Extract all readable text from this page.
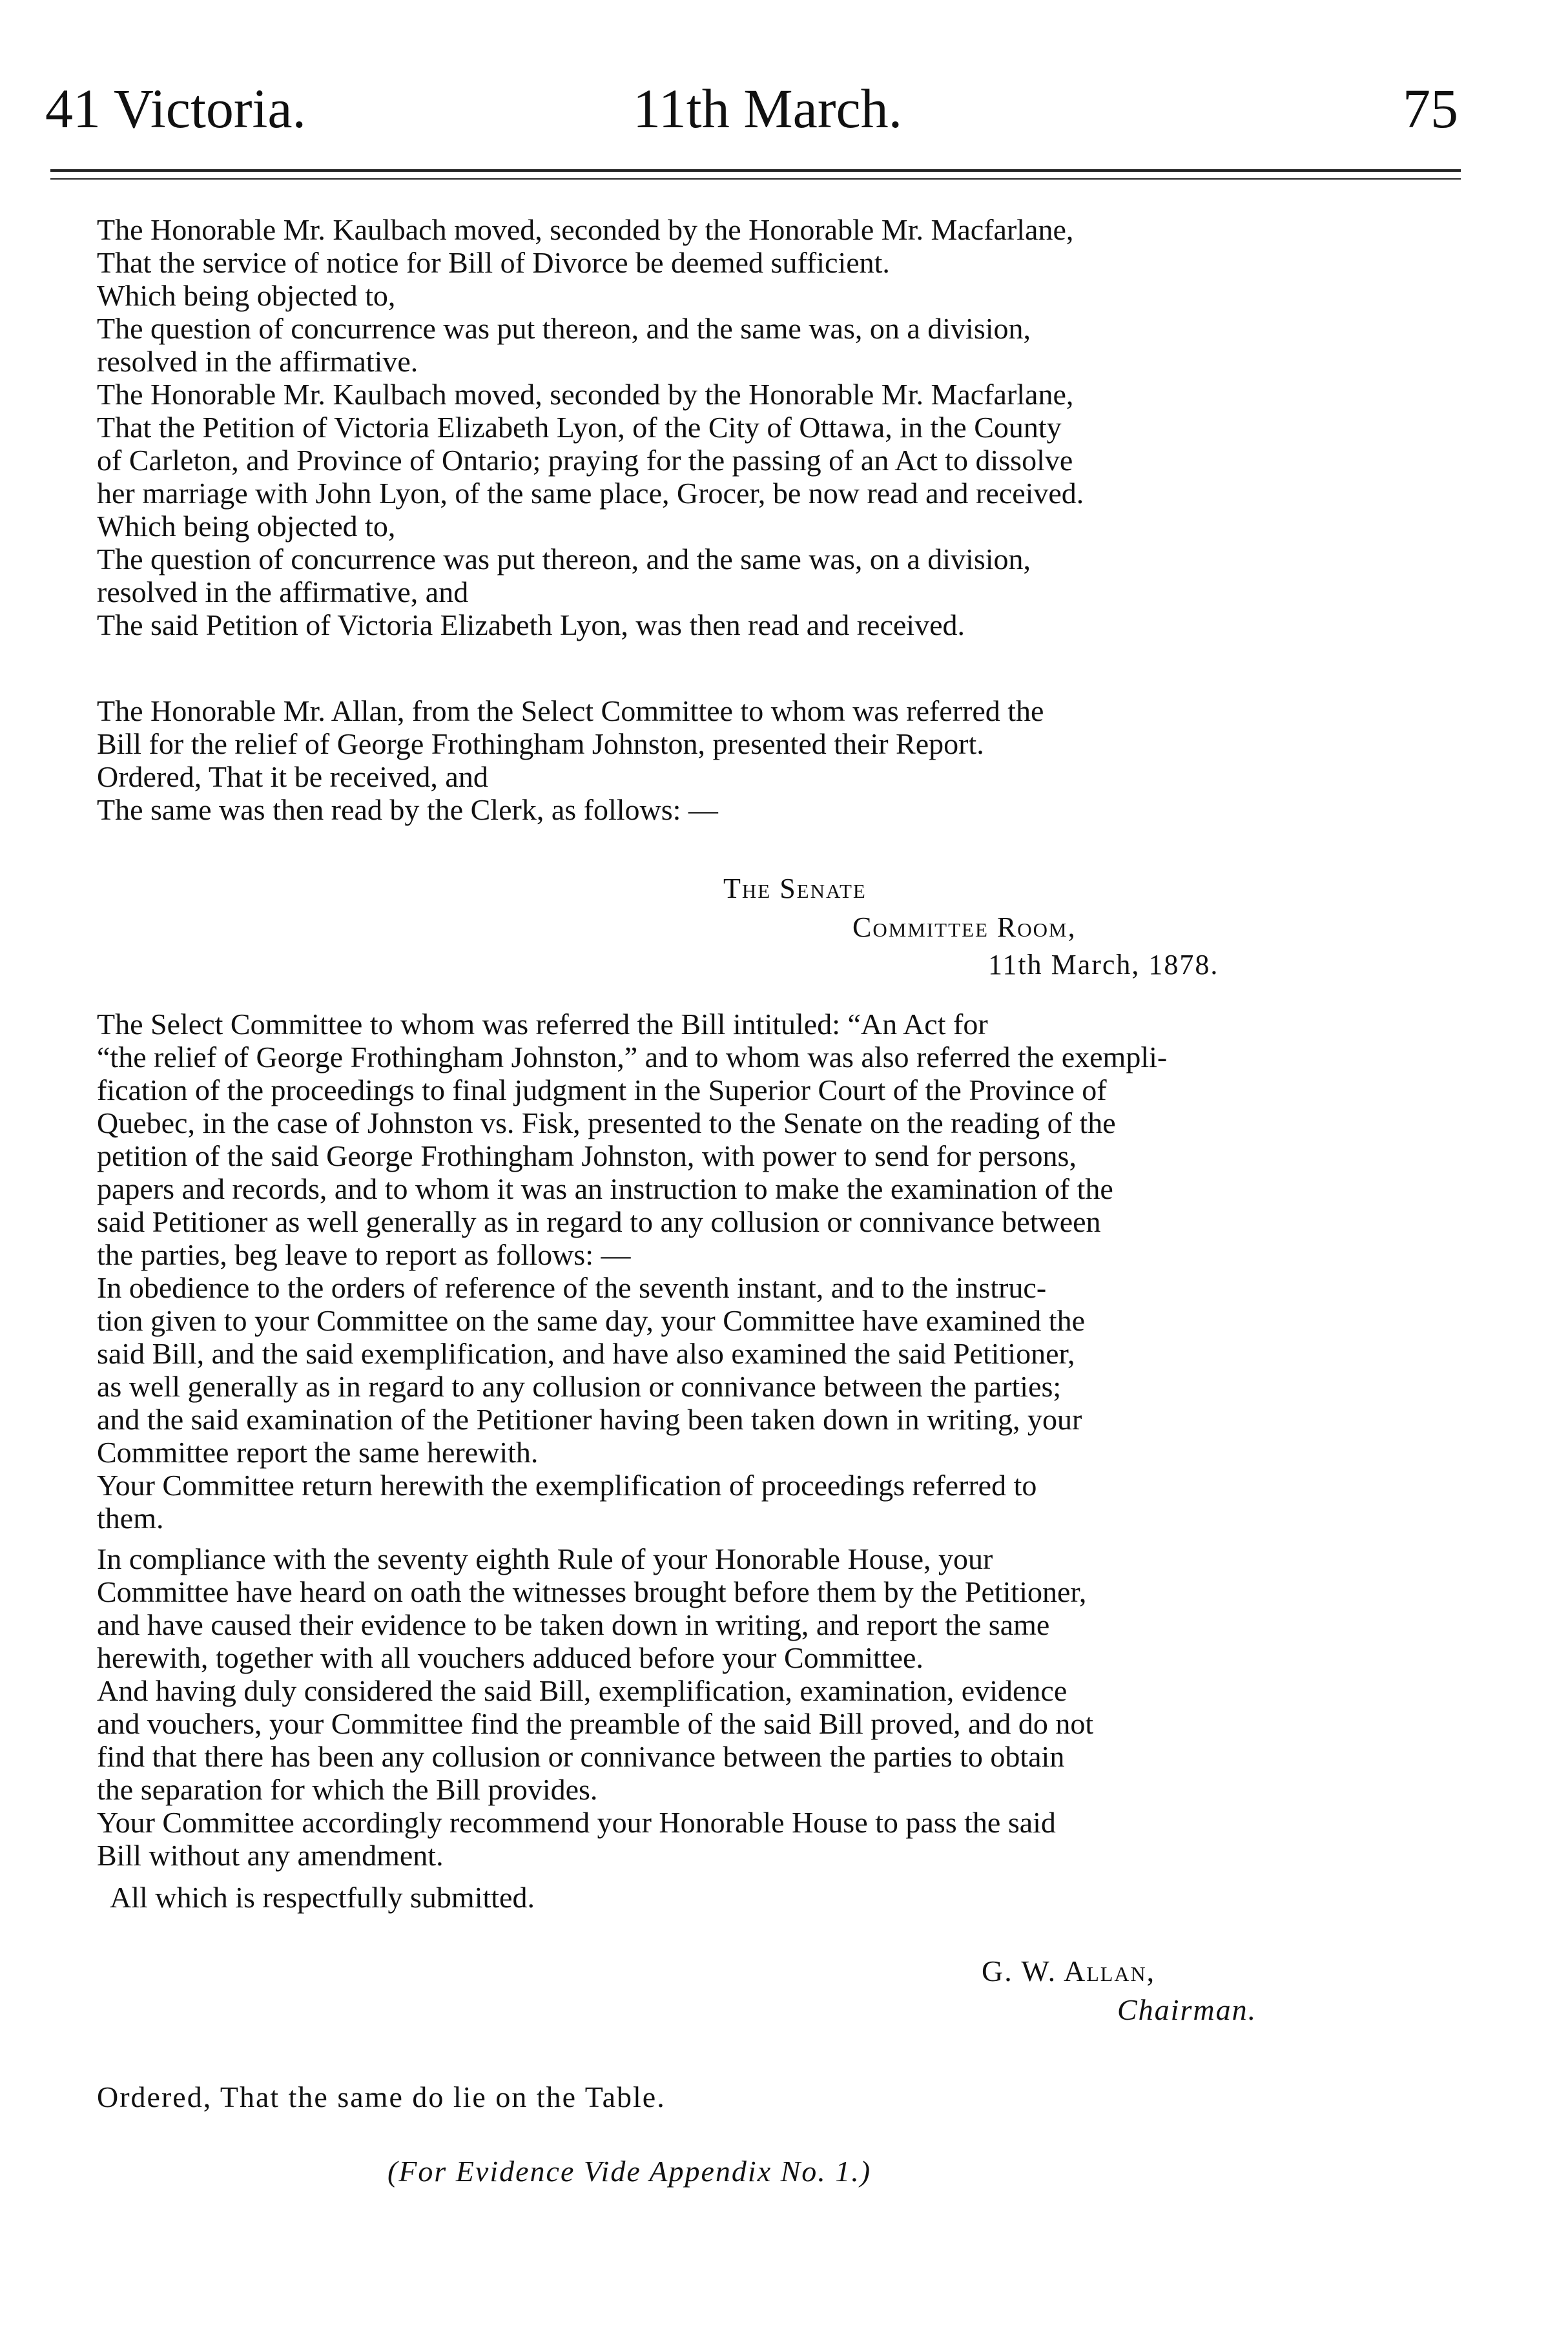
41 Victoria.	11th March.	75
The Honorable Mr. Kaulbach moved, seconded by the Honorable Mr. Macfarlane,
That the service of notice for Bill of Divorce be deemed sufficient.
Which being objected to,
The question of concurrence was put thereon, and the same was, on a division,
resolved in the affirmative.
The Honorable Mr. Kaulbach moved, seconded by the Honorable Mr. Macfarlane,
That the Petition of Victoria Elizabeth Lyon, of the City of Ottawa, in the County
of Carleton, and Province of Ontario; praying for the passing of an Act to dissolve
her marriage with John Lyon, of the same place, Grocer, be now read and received.
Which being objected to,
The question of concurrence was put thereon, and the same was, on a division,
resolved in the affirmative, and
The said Petition of Victoria Elizabeth Lyon, was then read and received.
The Honorable Mr. Allan, from the Select Committee to whom was referred the
Bill for the relief of George Frothingham Johnston, presented their Report.
Ordered, That it be received, and
The same was then read by the Clerk, as follows: —
The Senate
Committee Room,
11th March, 1878.
The Select Committee to whom was referred the Bill intituled: “An Act for
“the relief of George Frothingham Johnston,” and to whom was also referred the exempli-
fication of the proceedings to final judgment in the Superior Court of the Province of
Quebec, in the case of Johnston vs. Fisk, presented to the Senate on the reading of the
petition of the said George Frothingham Johnston, with power to send for persons,
papers and records, and to whom it was an instruction to make the examination of the
said Petitioner as well generally as in regard to any collusion or connivance between
the parties, beg leave to report as follows: —
In obedience to the orders of reference of the seventh instant, and to the instruc-
tion given to your Committee on the same day, your Committee have examined the
said Bill, and the said exemplification, and have also examined the said Petitioner,
as well generally as in regard to any collusion or connivance between the parties;
and the said examination of the Petitioner having been taken down in writing, your
Committee report the same herewith.
Your Committee return herewith the exemplification of proceedings referred to
them.
In compliance with the seventy eighth Rule of your Honorable House, your
Committee have heard on oath the witnesses brought before them by the Petitioner,
and have caused their evidence to be taken down in writing, and report the same
herewith, together with all vouchers adduced before your Committee.
And having duly considered the said Bill, exemplification, examination, evidence
and vouchers, your Committee find the preamble of the said Bill proved, and do not
find that there has been any collusion or connivance between the parties to obtain
the separation for which the Bill provides.
Your Committee accordingly recommend your Honorable House to pass the said
Bill without any amendment.
All which is respectfully submitted.
G. W. Allan,
Chairman.
Ordered, That the same do lie on the Table.
(For Evidence Vide Appendix No. 1.)
